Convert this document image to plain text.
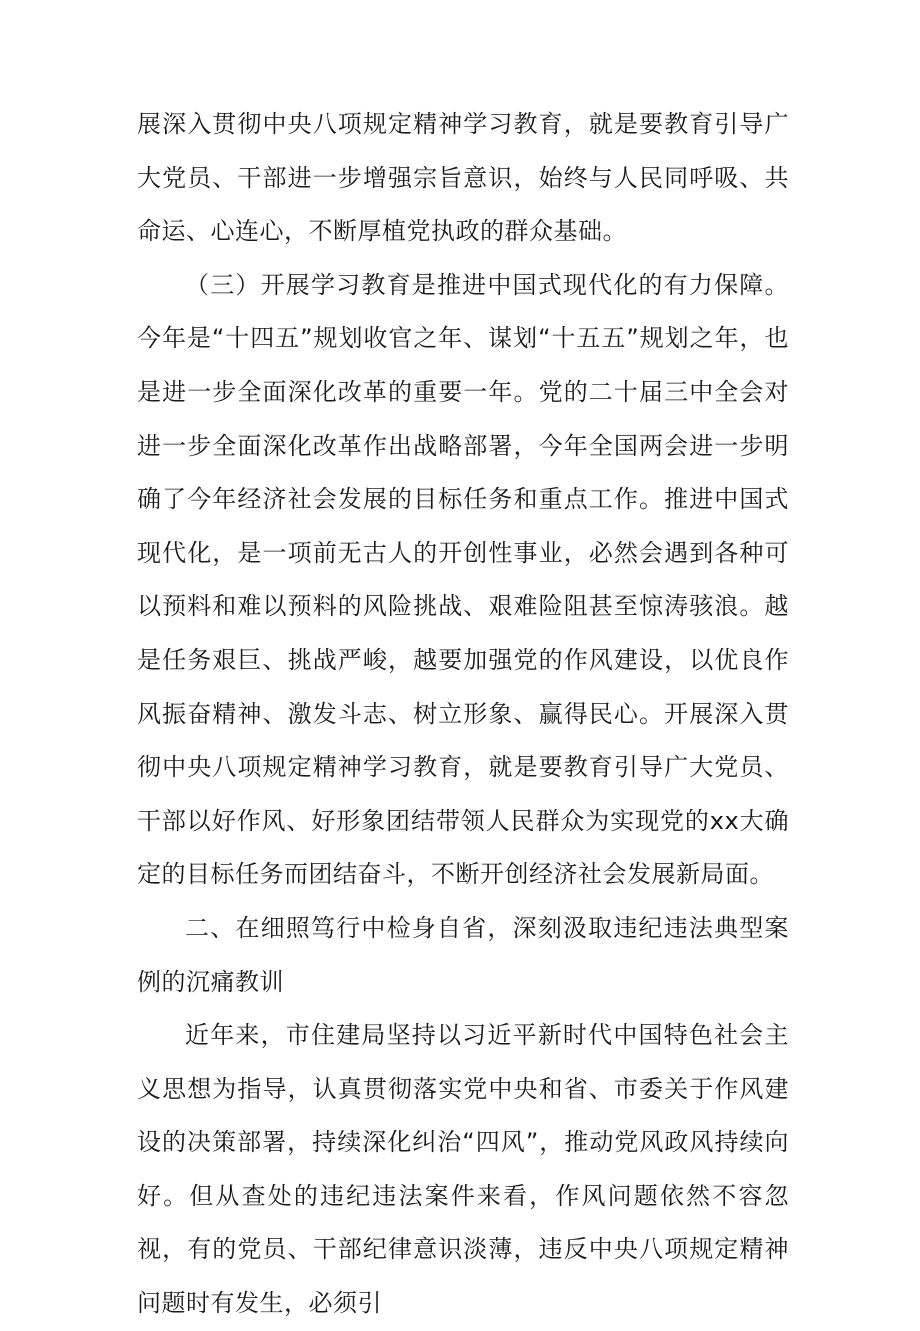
展深入贯彻中央八项规定精神学习教育，就是要教育引导广大党员、干部进一步增强宗旨意识，始终与人民同呼吸、共命运、心连心，不断厚植党执政的群众基础。

（三）开展学习教育是推进中国式现代化的有力保障。今年是“十四五”规划收官之年、谋划“十五五”规划之年，也是进一步全面深化改革的重要一年。党的二十届三中全会对进一步全面深化改革作出战略部署，今年全国两会进一步明确了今年经济社会发展的目标任务和重点工作。推进中国式现代化，是一项前无古人的开创性事业，必然会遇到各种可以预料和难以预料的风险挑战、艰难险阻甚至惊涛骇浪。越是任务艰巨、挑战严峻，越要加强党的作风建设，以优良作风振奋精神、激发斗志、树立形象、赢得民心。开展深入贯彻中央八项规定精神学习教育，就是要教育引导广大党员、干部以好作风、好形象团结带领人民群众为实现党的xx大确定的目标任务而团结奋斗，不断开创经济社会发展新局面。

二、在细照笃行中检身自省，深刻汲取违纪违法典型案例的沉痛教训

近年来，市住建局坚持以习近平新时代中国特色社会主义思想为指导，认真贯彻落实党中央和省、市委关于作风建设的决策部署，持续深化纠治“四风”，推动党风政风持续向好。但从查处的违纪违法案件来看，作风问题依然不容忽视，有的党员、干部纪律意识淡薄，违反中央八项规定精神问题时有发生，必须引
